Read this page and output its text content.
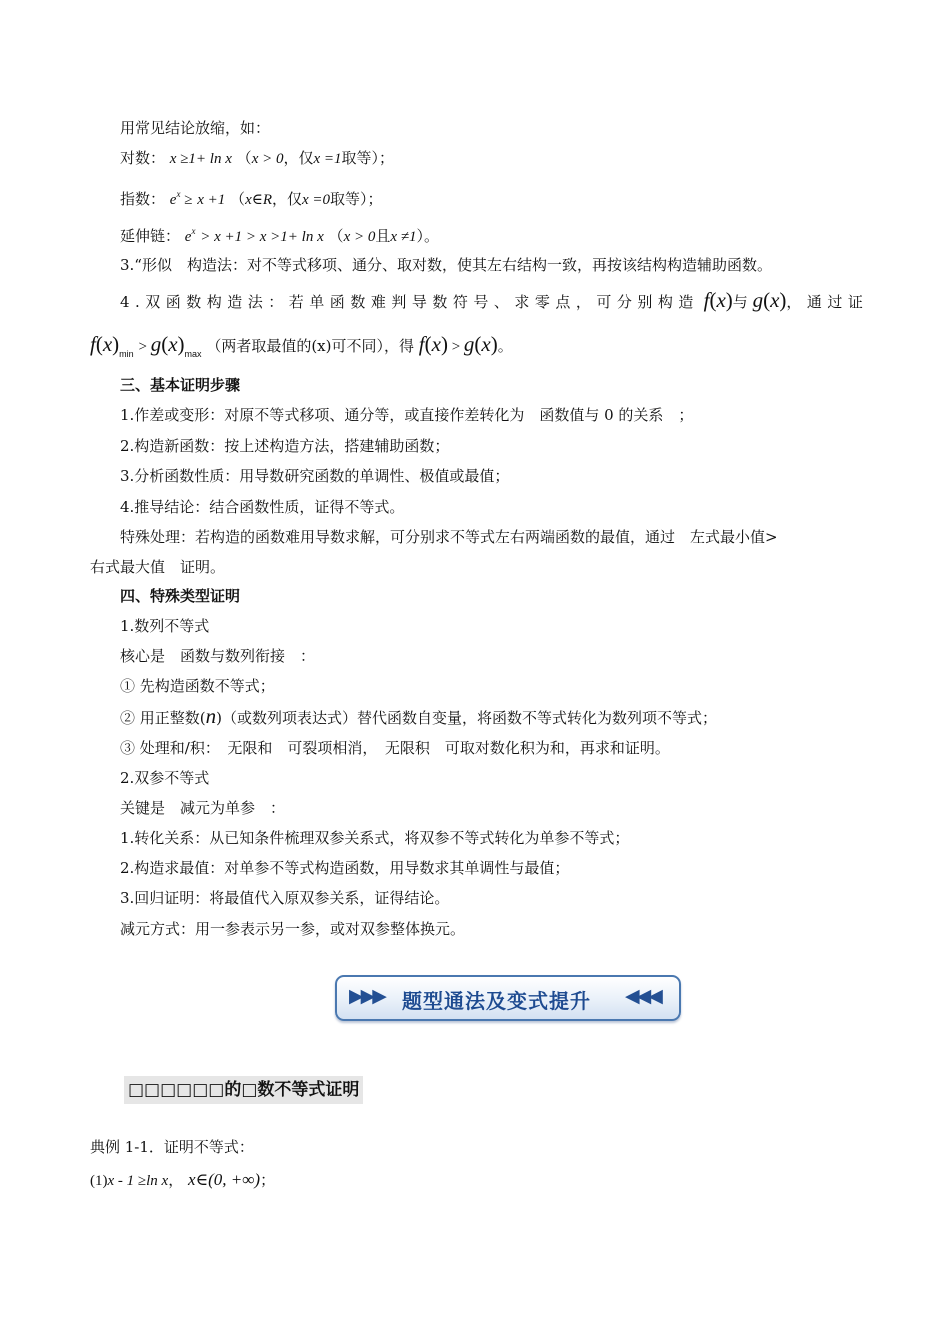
用常见结论放缩，如：
对数： x ≥1+ ln x （x > 0，仅x =1取等）；
指数： $e^x \ge x +1$ （x∈R，仅x =0取等）；
延伸链： $e^x > x +1 > x >1+ \ln x$ （x > 0且x ≠1）。
3.“形似　构造法：对不等式移项、通分、取对数，使其左右结构一致，再按该结构构造辅助函数。
4.双函数构造法：若单函数难判导数符号、求零点，可分别构造 f(x)与 g(x)，通过证
$f(x)_{min} > g(x)_{max}$ （两者取最值的(x)可不同），得 f(x) > g(x)。
三、基本证明步骤
1.作差或变形：对原不等式移项、通分等，或直接作差转化为　函数值与 0 的关系　；
2.构造新函数：按上述构造方法，搭建辅助函数；
3.分析函数性质：用导数研究函数的单调性、极值或最值；
4.推导结论：结合函数性质，证得不等式。
特殊处理：若构造的函数难用导数求解，可分别求不等式左右两端函数的最值，通过　左式最小值>
右式最大值　证明。
四、特殊类型证明
1.数列不等式
核心是　函数与数列衔接　：
① 先构造函数不等式；
② 用正整数(n)（或数列项表达式）替代函数自变量，将函数不等式转化为数列项不等式；
③ 处理和/积：　无限和　可裂项相消，　无限积　可取对数化积为和，再求和证明。
2.双参不等式
关键是　减元为单参　：
1.转化关系：从已知条件梳理双参关系式，将双参不等式转化为单参不等式；
2.构造求最值：对单参不等式构造函数，用导数求其单调性与最值；
3.回归证明：将最值代入原双参关系，证得结论。
减元方式：用一参表示另一参，或对双参整体换元。
▶▶▶ 题型通法及变式提升 ◀◀◀
□□□□□□的□数不等式证明
典例 1-1．证明不等式：
(1)x - 1 ≥ln x， x∈(0, +∞)；
